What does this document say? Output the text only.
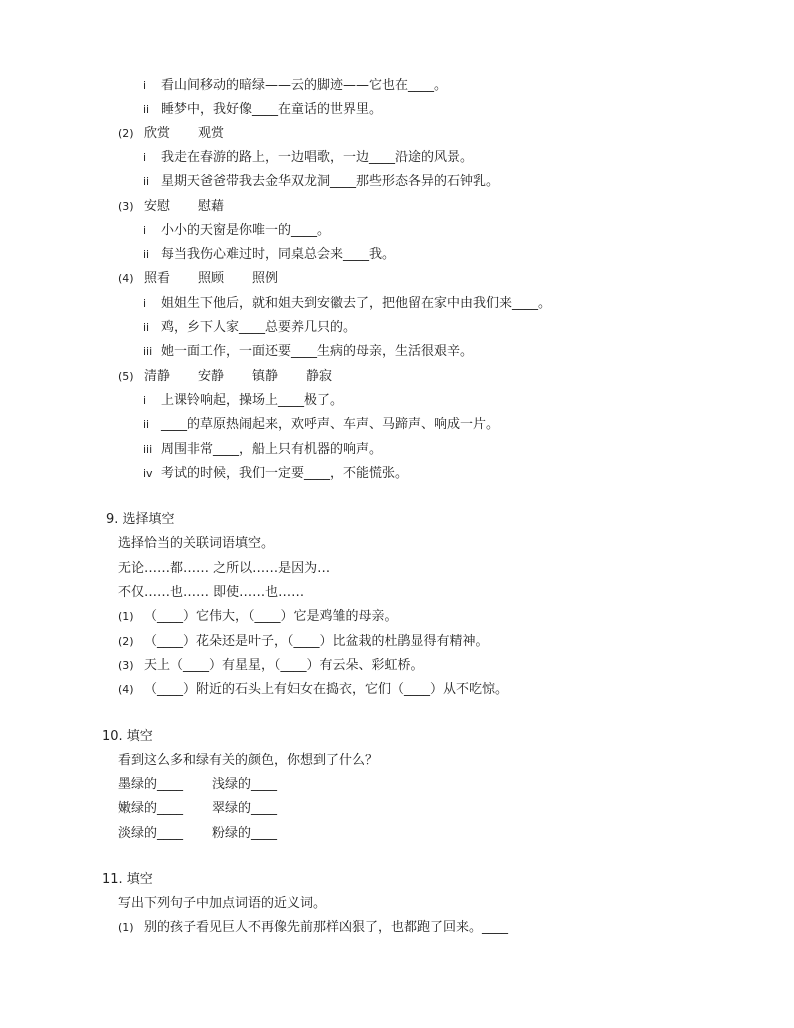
i 看山间移动的暗绿——云的脚迹——它也在____。
ii 睡梦中，我好像____在童话的世界里。
(2) 欣赏 观赏
i 我走在春游的路上，一边唱歌，一边____沿途的风景。
ii 星期天爸爸带我去金华双龙洞____那些形态各异的石钟乳。
(3) 安慰 慰藉
i 小小的天窗是你唯一的____。
ii 每当我伤心难过时，同桌总会来____我。
(4) 照看 照顾 照例
i 姐姐生下他后，就和姐夫到安徽去了，把他留在家中由我们来____。
ii 鸡，乡下人家____总要养几只的。
iii 她一面工作，一面还要____生病的母亲，生活很艰辛。
(5) 清静 安静 镇静 静寂
i 上课铃响起，操场上____极了。
ii ____的草原热闹起来，欢呼声、车声、马蹄声、响成一片。
iii 周围非常____，船上只有机器的响声。
iv 考试的时候，我们一定要____，不能慌张。
9. 选择填空
选择恰当的关联词语填空。
无论……都…… 之所以……是因为…
不仅……也…… 即使……也……
(1) （____）它伟大，（____）它是鸡雏的母亲。
(2) （____）花朵还是叶子，（____）比盆栽的杜鹃显得有精神。
(3) 天上（____）有星星，（____）有云朵、彩虹桥。
(4) （____）附近的石头上有妇女在捣衣，它们（____）从不吃惊。
10. 填空
看到这么多和绿有关的颜色，你想到了什么？
墨绿的____ 浅绿的____
嫩绿的____ 翠绿的____
淡绿的____ 粉绿的____
11. 填空
写出下列句子中加点词语的近义词。
(1) 别的孩子看见巨人不再像先前那样凶狠了，也都跑了回来。____
